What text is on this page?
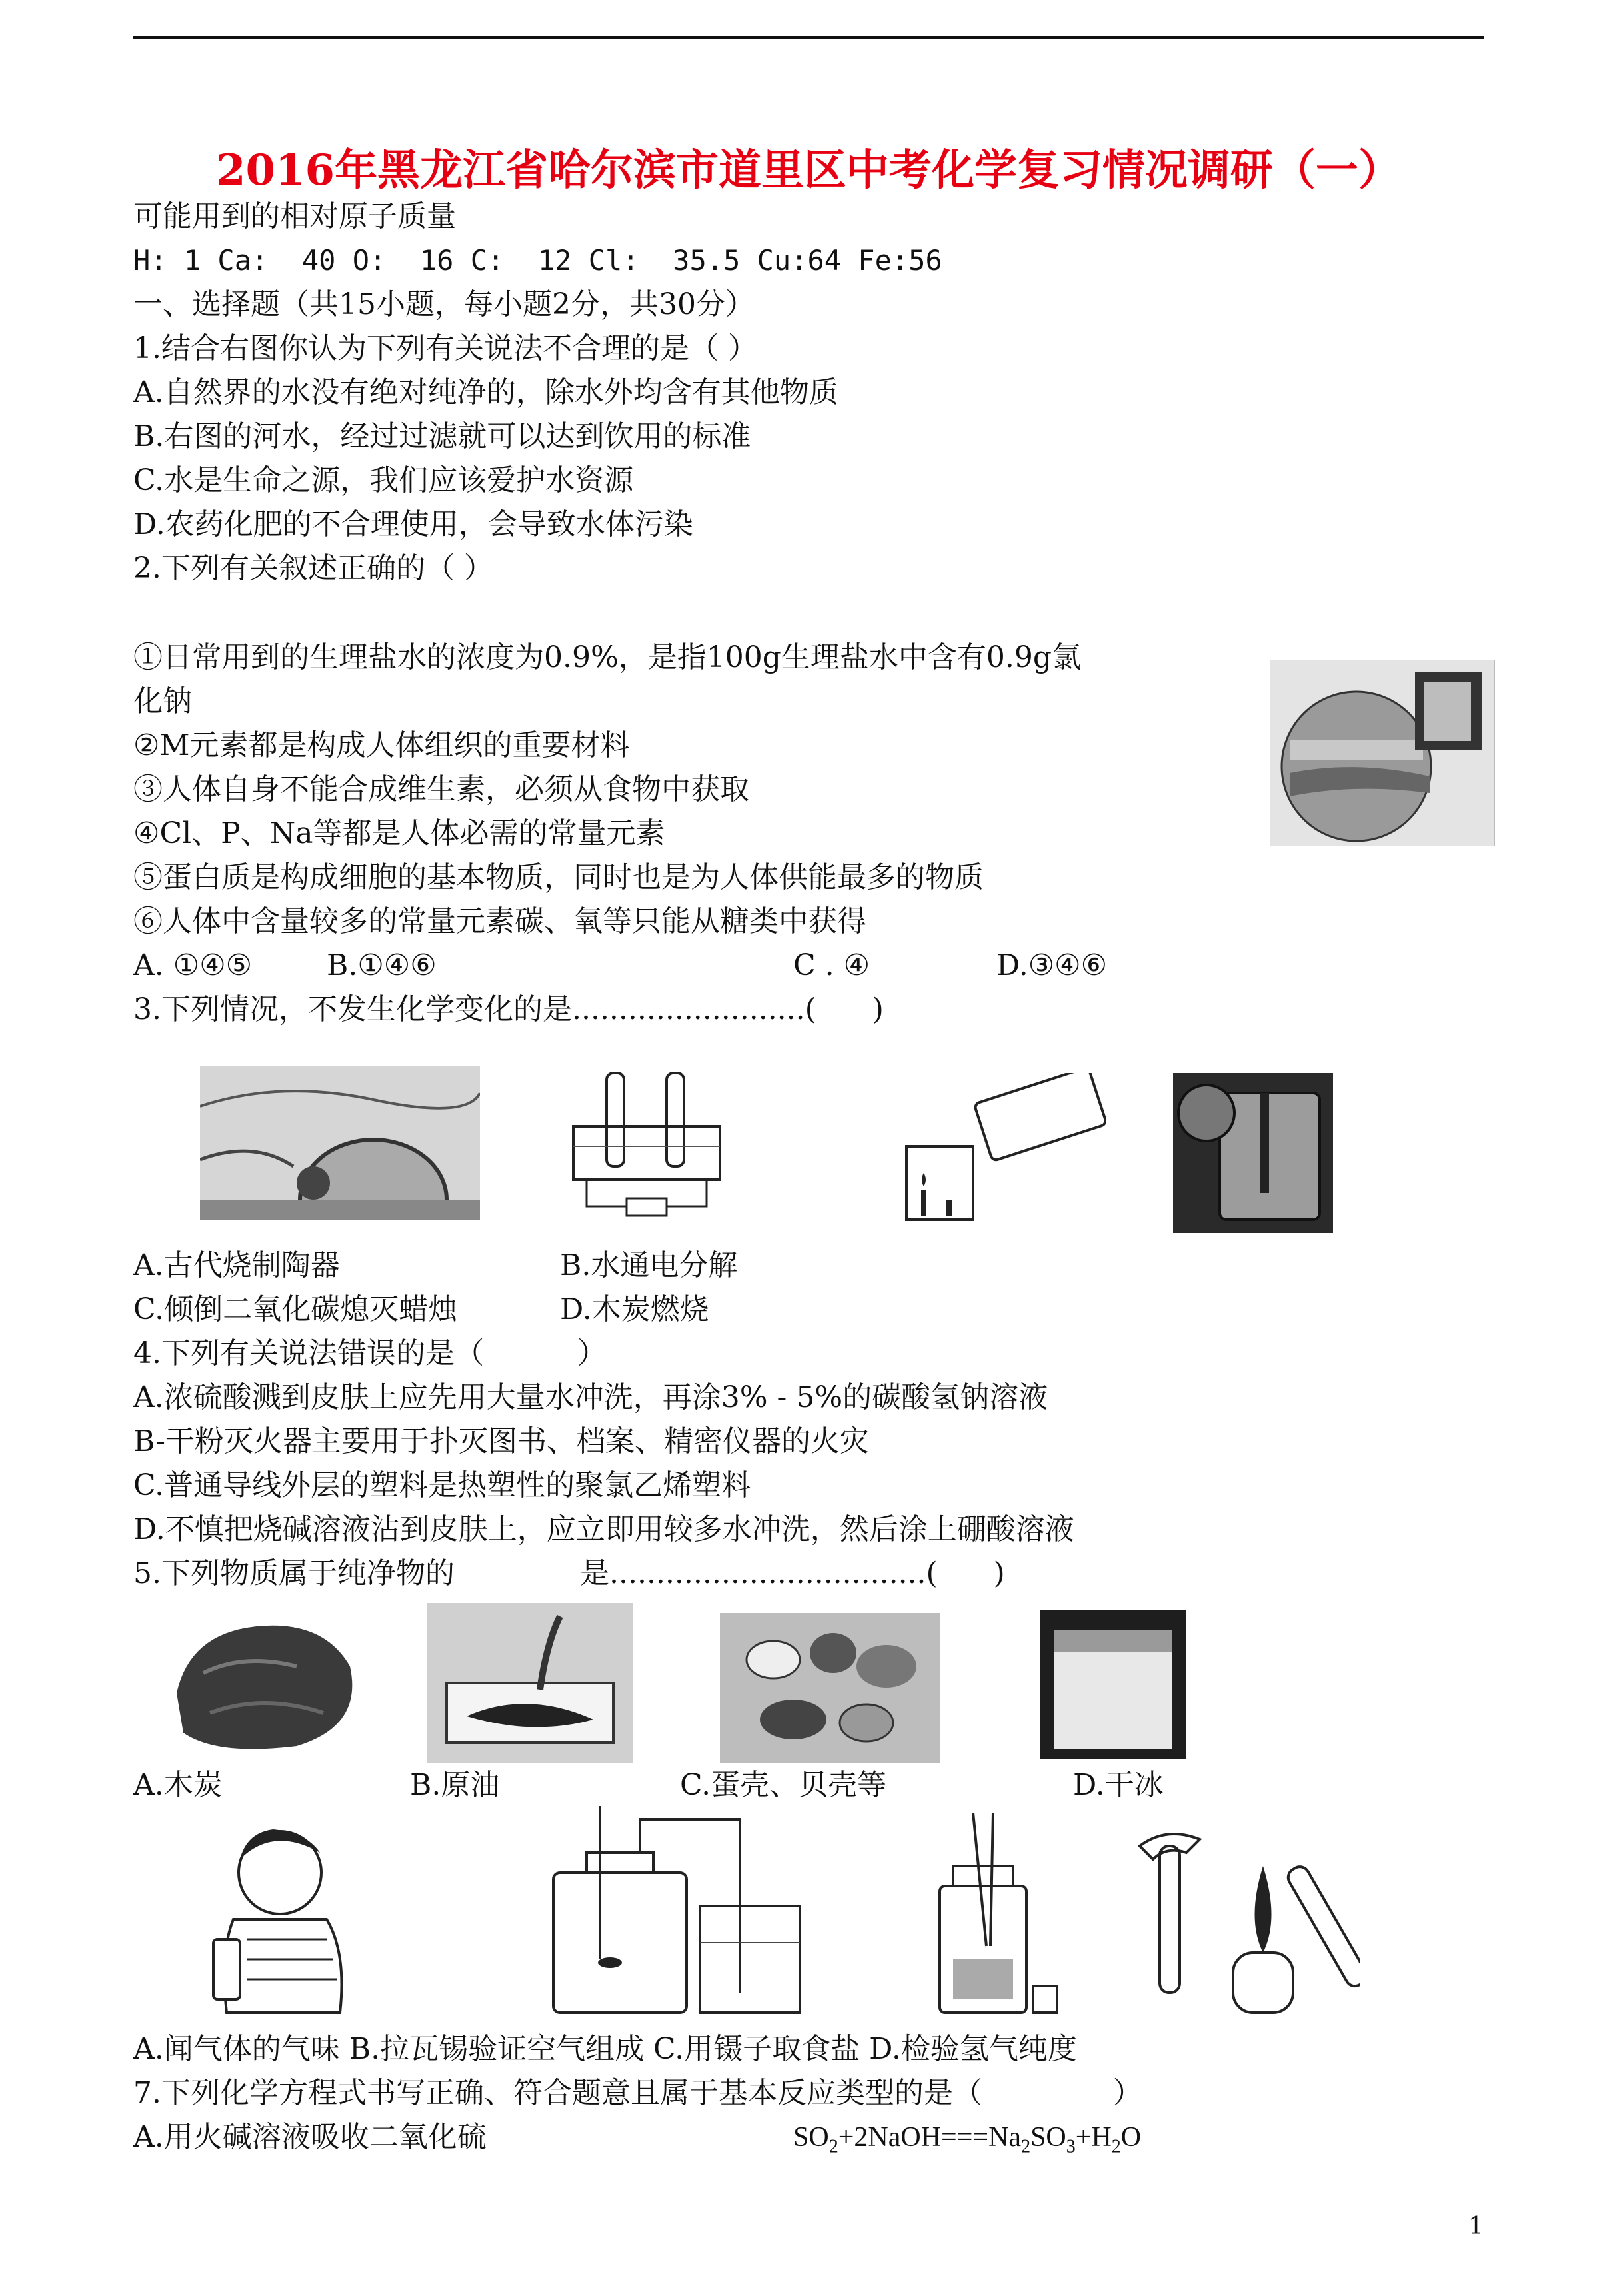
2016年黑龙江省哈尔滨市道里区中考化学复习情况调研（一）
可能用到的相对原子质量
H: 1 Ca:  40 O:  16 C:  12 Cl:  35.5 Cu:64 Fe:56
一、选择题（共15小题，每小题2分，共30分）
1.结合右图你认为下列有关说法不合理的是（ ）
A.自然界的水没有绝对纯净的，除水外均含有其他物质
B.右图的河水，经过过滤就可以达到饮用的标准
C.水是生命之源，我们应该爱护水资源
D.农药化肥的不合理使用，会导致水体污染
2.下列有关叙述正确的（ ）
①日常用到的生理盐水的浓度为0.9%，是指100g生理盐水中含有0.9g氯
化钠
②M元素都是构成人体组织的重要材料
③人体自身不能合成维生素，必须从食物中获取
④Cl、P、Na等都是人体必需的常量元素
⑤蛋白质是构成细胞的基本物质，同时也是为人体供能最多的物质
⑥人体中含量较多的常量元素碳、氧等只能从糖类中获得
A. ①④⑤	B.①④⑥	C . ④	D.③④⑥
3.下列情况，不发生化学变化的是.........................(      )
A.古代烧制陶器	B.水通电分解
C.倾倒二氧化碳熄灭蜡烛	D.木炭燃烧
4.下列有关说法错误的是（          ）
A.浓硫酸溅到皮肤上应先用大量水冲洗，再涂3% - 5%的碳酸氢钠溶液
B-干粉灭火器主要用于扑灭图书、档案、精密仪器的火灾
C.普通导线外层的塑料是热塑性的聚氯乙烯塑料
D.不慎把烧碱溶液沾到皮肤上，应立即用较多水冲洗，然后涂上硼酸溶液
5.下列物质属于纯净物的	是..................................(      )
A.木炭	B.原油	C.蛋壳、贝壳等	D.干冰
A.闻气体的气味 B.拉瓦锡验证空气组成 C.用镊子取食盐 D.检验氢气纯度
7.下列化学方程式书写正确、符合题意且属于基本反应类型的是（              ）
A.用火碱溶液吸收二氧化硫	$SO_2+2NaOH===Na_2SO_3+H_2O$
1
